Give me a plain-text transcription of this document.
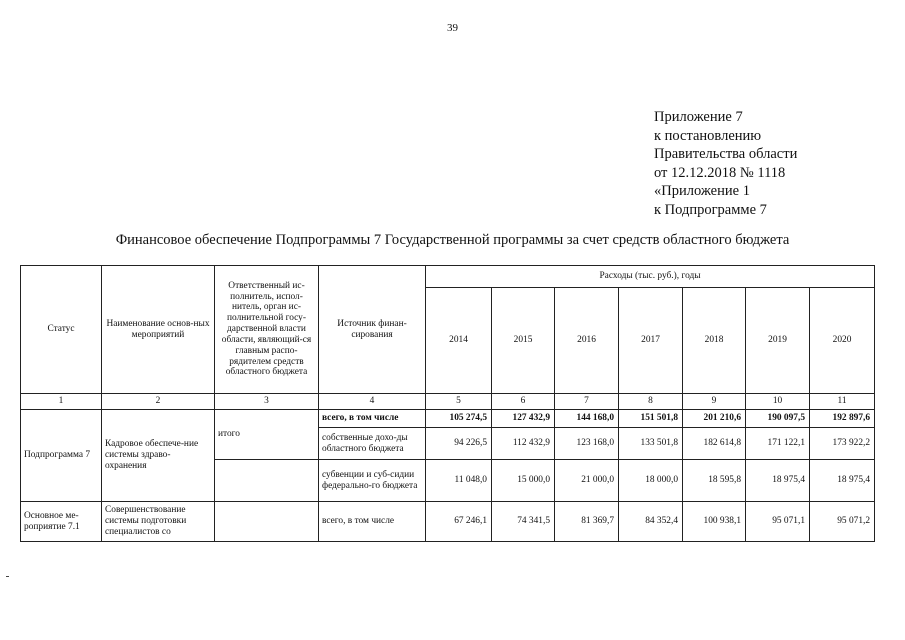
39
Приложение 7
к постановлению
Правительства области
от 12.12.2018 № 1118
«Приложение 1
к Подпрограмме 7
Финансовое обеспечение Подпрограммы 7 Государственной программы за счет средств областного бюджета
Статус	Наименование основ-ных мероприятий	Ответственный ис-полнитель, испол-нитель, орган ис-полнительной госу-дарственной власти области, являющий-ся главным распо-рядителем средств областного бюджета	Источник финан-сирования	Расходы (тыс. руб.), годы						
				2014	2015	2016	2017	2018	2019	2020
1	2	3	4	5	6	7	8	9	10	11
Подпрограмма 7	Кадровое обеспече-ние системы здраво-охранения	итого	всего, в том числе	105 274,5	127 432,9	144 168,0	151 501,8	201 210,6	190 097,5	192 897,6
			собственные дохо-ды областного бюджета	94 226,5	112 432,9	123 168,0	133 501,8	182 614,8	171 122,1	173 922,2
			субвенции и суб-сидии федерально-го бюджета	11 048,0	15 000,0	21 000,0	18 000,0	18 595,8	18 975,4	18 975,4
Основное ме-роприятие 7.1	Совершенствование системы подготовки специалистов со		всего, в том числе	67 246,1	74 341,5	81 369,7	84 352,4	100 938,1	95 071,1	95 071,2
